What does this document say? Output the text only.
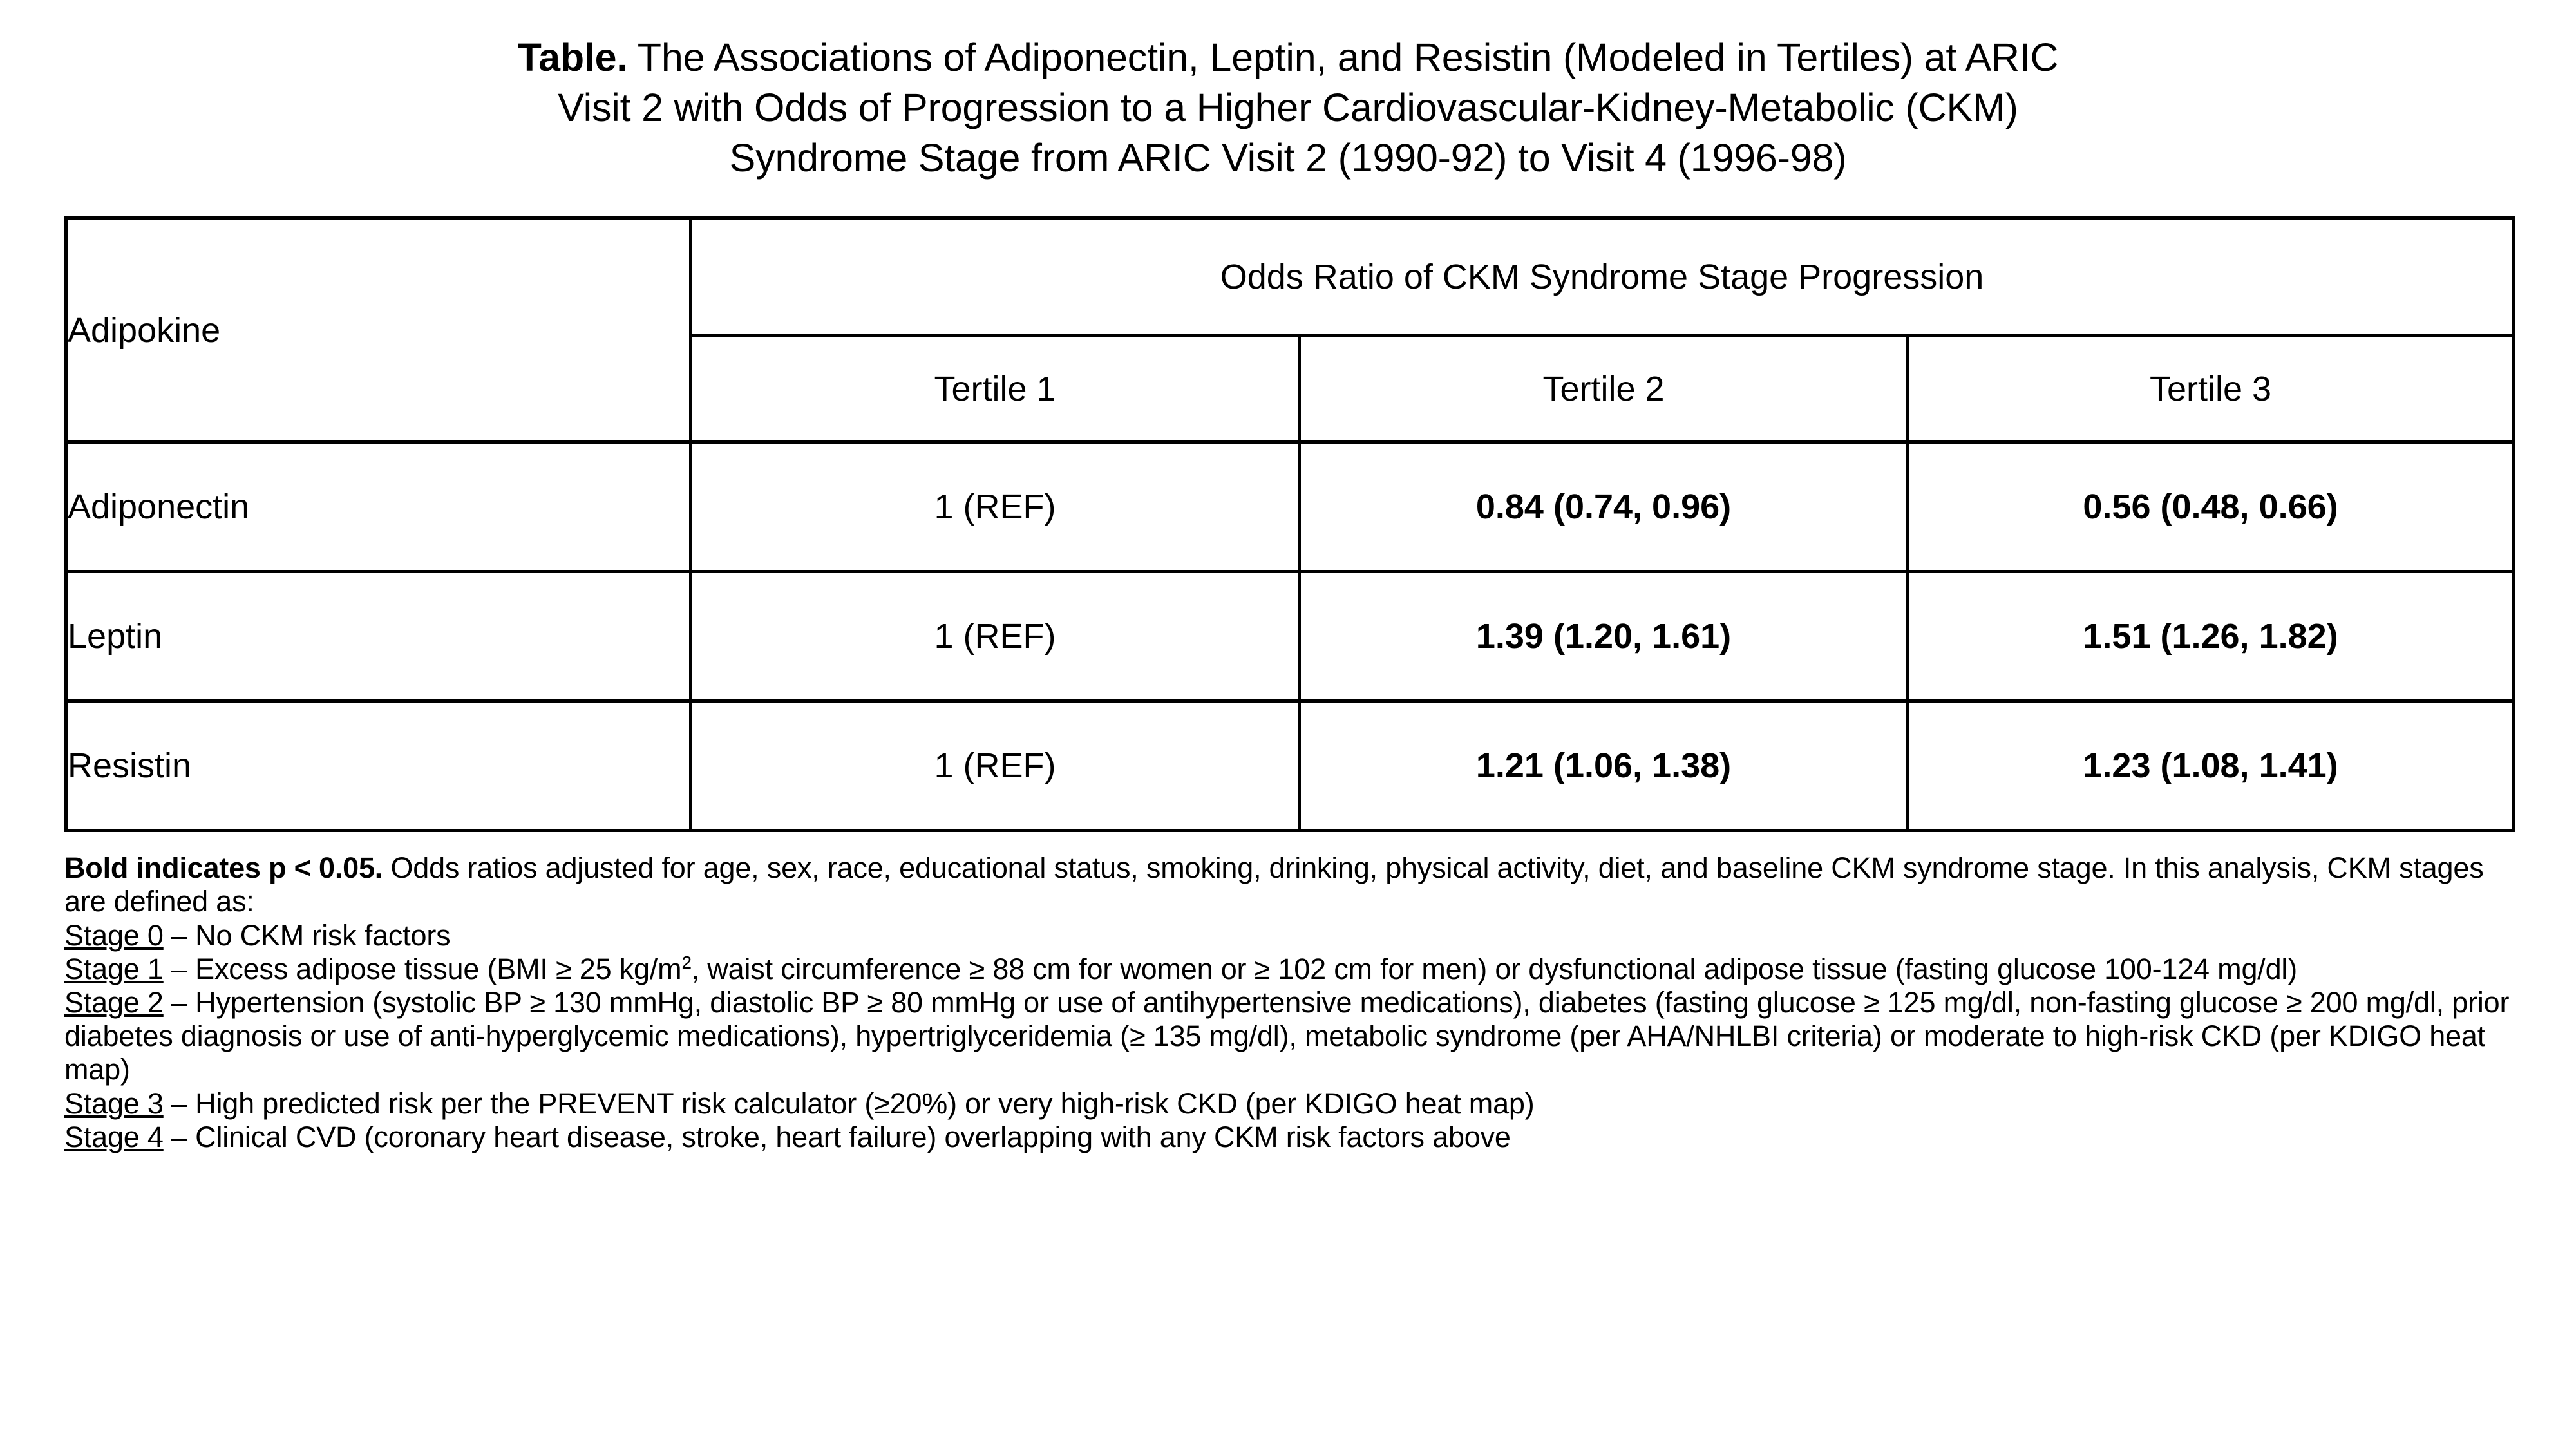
Table. The Associations of Adiponectin, Leptin, and Resistin (Modeled in Tertiles) at ARIC
Visit 2 with Odds of Progression to a Higher Cardiovascular-Kidney-Metabolic (CKM)
Syndrome Stage from ARIC Visit 2 (1990-92) to Visit 4 (1996-98)
Adipokine	Odds Ratio of CKM Syndrome Stage Progression		
	Tertile 1	Tertile 2	Tertile 3
Adiponectin	1 (REF)	0.84 (0.74, 0.96)	0.56 (0.48, 0.66)
Leptin	1 (REF)	1.39 (1.20, 1.61)	1.51 (1.26, 1.82)
Resistin	1 (REF)	1.21 (1.06, 1.38)	1.23 (1.08, 1.41)

Bold indicates p < 0.05. Odds ratios adjusted for age, sex, race, educational status, smoking, drinking, physical activity, diet, and baseline CKM syndrome stage. In this analysis, CKM stages are defined as:

Stage 0 – No CKM risk factors

Stage 1 – Excess adipose tissue (BMI ≥ 25 $kg/m^2$, waist circumference ≥ 88 cm for women or ≥ 102 cm for men) or dysfunctional adipose tissue (fasting glucose 100-124 mg/dl)

Stage 2 – Hypertension (systolic BP ≥ 130 mmHg, diastolic BP ≥ 80 mmHg or use of antihypertensive medications), diabetes (fasting glucose ≥ 125 mg/dl, non-fasting glucose ≥ 200 mg/dl, prior diabetes diagnosis or use of anti-hyperglycemic medications), hypertriglyceridemia (≥ 135 mg/dl), metabolic syndrome (per AHA/NHLBI criteria) or moderate to high-risk CKD (per KDIGO heat map)

Stage 3 – High predicted risk per the PREVENT risk calculator (≥20%) or very high-risk CKD (per KDIGO heat map)

Stage 4 – Clinical CVD (coronary heart disease, stroke, heart failure) overlapping with any CKM risk factors above
